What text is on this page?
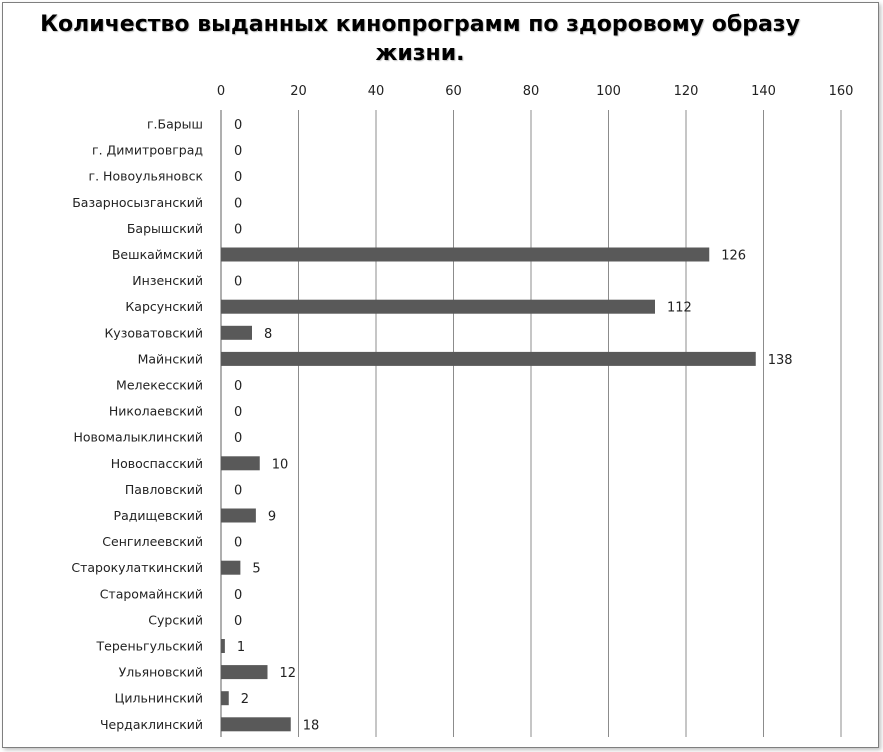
Количество выданных кинопрограмм по здоровому образу жизни.
0	20	40	60	80	100	120	140	160
г.Барыш
г. Димитровград
г. Новоульяновск
Базарносызганский
Барышский
Вешкаймский
Инзенский
Карсунский
Кузоватовский
Майнский
Мелекесский
Николаевский
Новомалыклинский
Новоспасский
Павловский
Радищевский
Сенгилеевский
Старокулаткинский
Старомайнский
Сурский
Тереньгульский
Ульяновский
Цильнинский
Чердаклинский
0
0
0
0
0
126
0
112
8
138
0
0
0
10
0
9
0
5
0
0
1
12
2
18
